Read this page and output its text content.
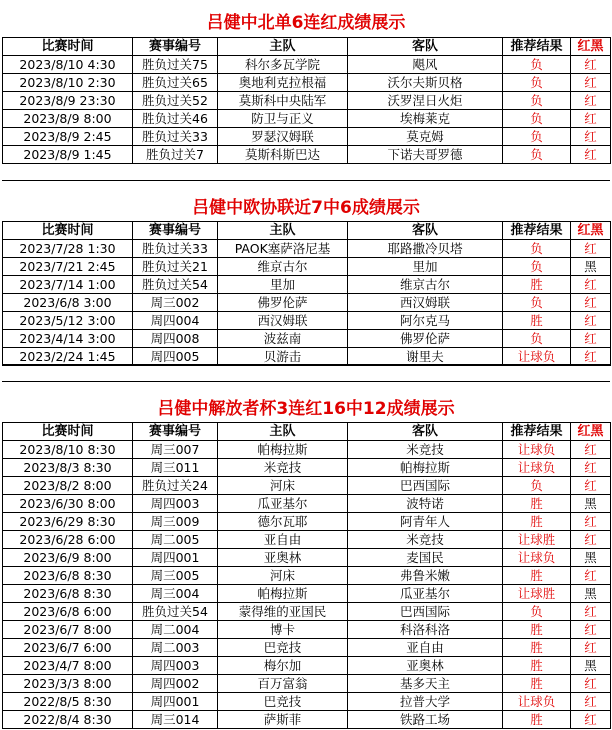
吕健中北单6连红成绩展示
比赛时间	赛事编号	主队	客队	推荐结果	红黑
2023/8/10 4:30	胜负过关75	科尔多瓦学院	飓风	负	红
2023/8/10 2:30	胜负过关65	奥地利克拉根福	沃尔夫斯贝格	负	红
2023/8/9 23:30	胜负过关52	莫斯科中央陆军	沃罗涅日火炬	负	红
2023/8/9 8:00	胜负过关46	防卫与正义	埃梅莱克	负	红
2023/8/9 2:45	胜负过关33	罗瑟汉姆联	莫克姆	负	红
2023/8/9 1:45	胜负过关7	莫斯科斯巴达	下诺夫哥罗德	负	红
吕健中欧协联近7中6成绩展示
比赛时间	赛事编号	主队	客队	推荐结果	红黑
2023/7/28 1:30	胜负过关33	PAOK塞萨洛尼基	耶路撒冷贝塔	负	红
2023/7/21 2:45	胜负过关21	维京古尔	里加	负	黑
2023/7/14 1:00	胜负过关54	里加	维京古尔	胜	红
2023/6/8 3:00	周三002	佛罗伦萨	西汉姆联	负	红
2023/5/12 3:00	周四004	西汉姆联	阿尔克马	胜	红
2023/4/14 3:00	周四008	波兹南	佛罗伦萨	负	红
2023/2/24 1:45	周四005	贝游击	谢里夫	让球负	红
吕健中解放者杯3连红16中12成绩展示
比赛时间	赛事编号	主队	客队	推荐结果	红黑
2023/8/10 8:30	周三007	帕梅拉斯	米竞技	让球负	红
2023/8/3 8:30	周三011	米竞技	帕梅拉斯	让球负	红
2023/8/2 8:00	胜负过关24	河床	巴西国际	负	红
2023/6/30 8:00	周四003	瓜亚基尔	波特诺	胜	黑
2023/6/29 8:30	周三009	德尔瓦耶	阿青年人	胜	红
2023/6/28 6:00	周二005	亚自由	米竞技	让球胜	红
2023/6/9 8:00	周四001	亚奥林	麦国民	让球负	黑
2023/6/8 8:30	周三005	河床	弗鲁米嫩	胜	红
2023/6/8 8:30	周三004	帕梅拉斯	瓜亚基尔	让球胜	黑
2023/6/8 6:00	胜负过关54	蒙得维的亚国民	巴西国际	负	红
2023/6/7 8:00	周二004	博卡	科洛科洛	胜	红
2023/6/7 6:00	周二003	巴竞技	亚自由	胜	红
2023/4/7 8:00	周四003	梅尔加	亚奥林	胜	黑
2023/3/3 8:00	周四002	百万富翁	基多天主	胜	红
2022/8/5 8:30	周四001	巴竞技	拉普大学	让球负	红
2022/8/4 8:30	周三014	萨斯菲	铁路工场	胜	红
